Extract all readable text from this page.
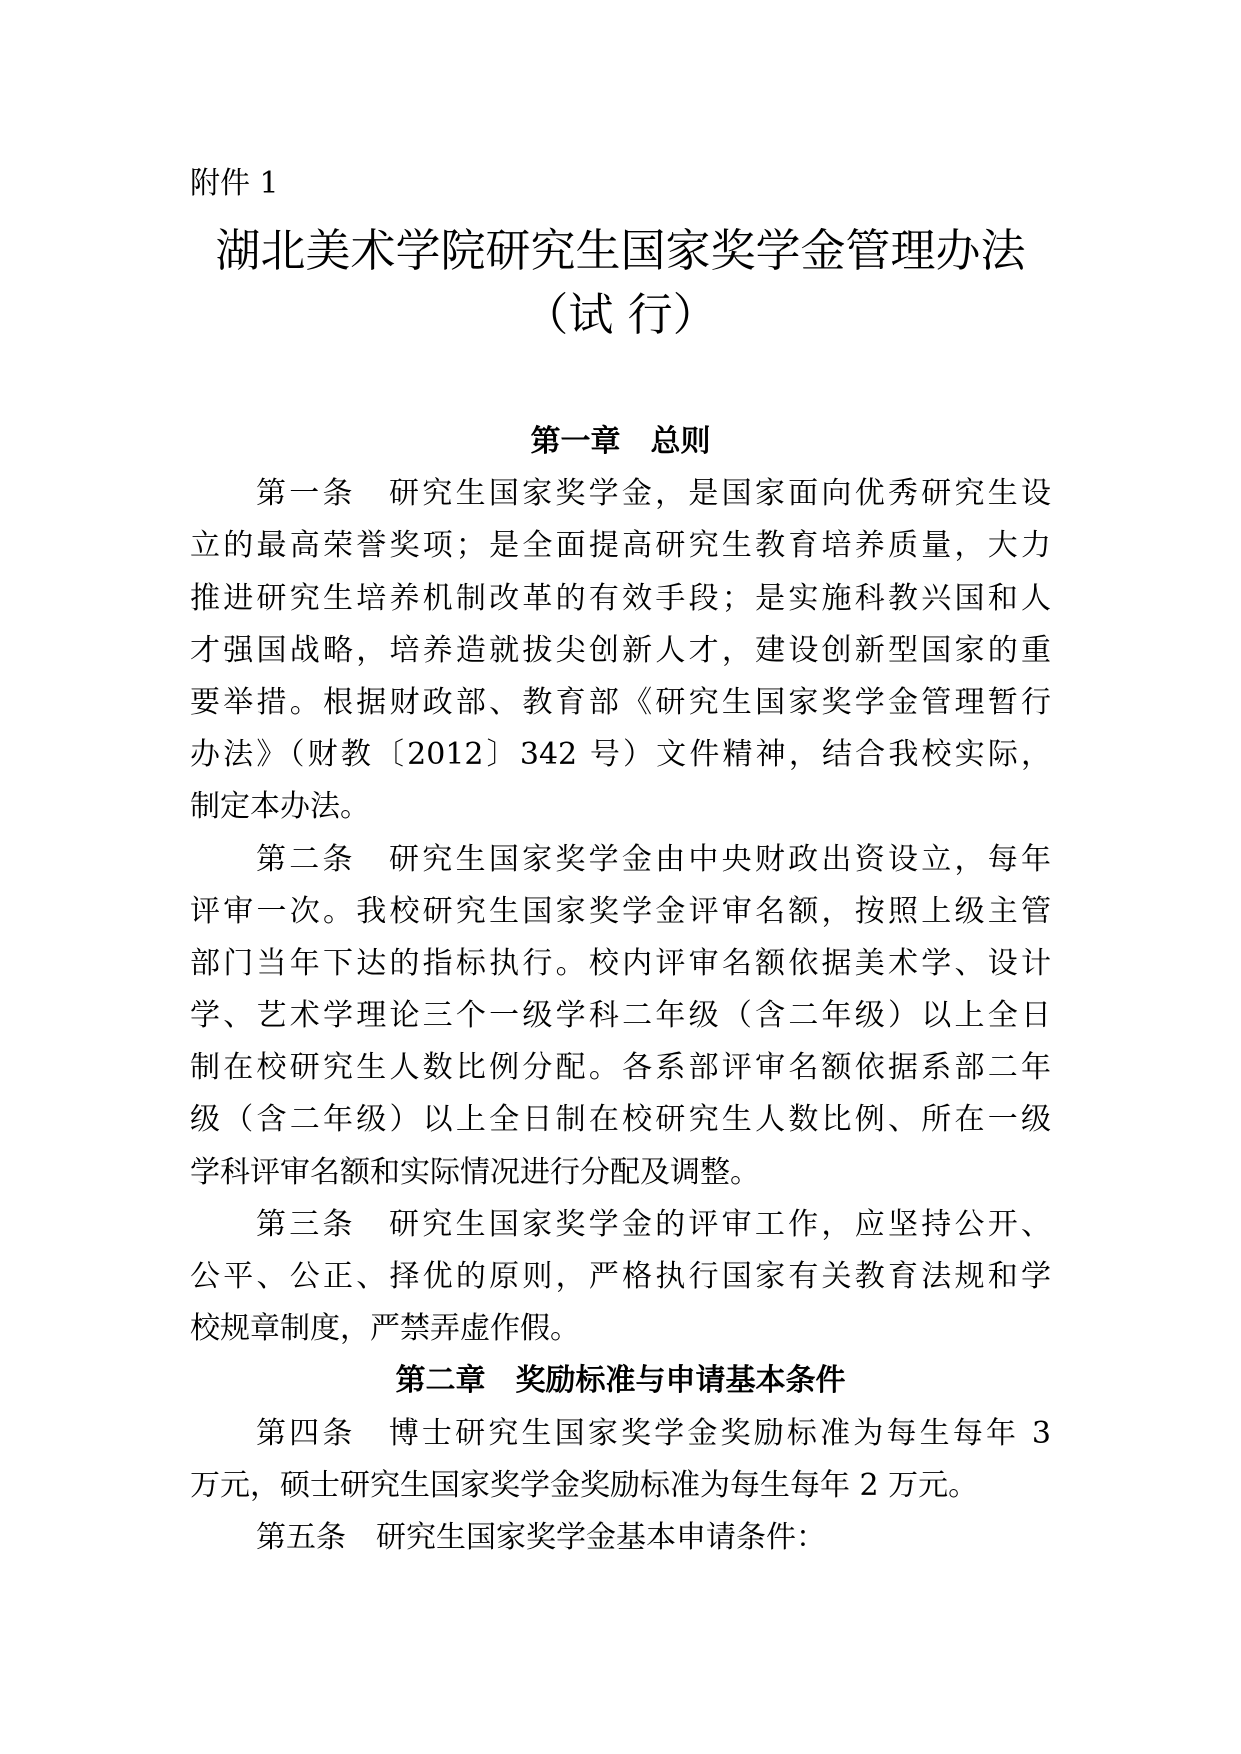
附件 1
湖北美术学院研究生国家奖学金管理办法
（试 行）
第一章　总则
第一条　研究生国家奖学金，是国家面向优秀研究生设
立的最高荣誉奖项；是全面提高研究生教育培养质量，大力
推进研究生培养机制改革的有效手段；是实施科教兴国和人
才强国战略，培养造就拔尖创新人才，建设创新型国家的重
要举措。根据财政部、教育部《研究生国家奖学金管理暂行
办法》（财教〔2012〕342 号）文件精神，结合我校实际，
制定本办法。
第二条　研究生国家奖学金由中央财政出资设立，每年
评审一次。我校研究生国家奖学金评审名额，按照上级主管
部门当年下达的指标执行。校内评审名额依据美术学、设计
学、艺术学理论三个一级学科二年级（含二年级）以上全日
制在校研究生人数比例分配。各系部评审名额依据系部二年
级（含二年级）以上全日制在校研究生人数比例、所在一级
学科评审名额和实际情况进行分配及调整。
第三条　研究生国家奖学金的评审工作，应坚持公开、
公平、公正、择优的原则，严格执行国家有关教育法规和学
校规章制度，严禁弄虚作假。
第二章　奖励标准与申请基本条件
第四条　博士研究生国家奖学金奖励标准为每生每年 3
万元，硕士研究生国家奖学金奖励标准为每生每年 2 万元。
第五条　研究生国家奖学金基本申请条件：
